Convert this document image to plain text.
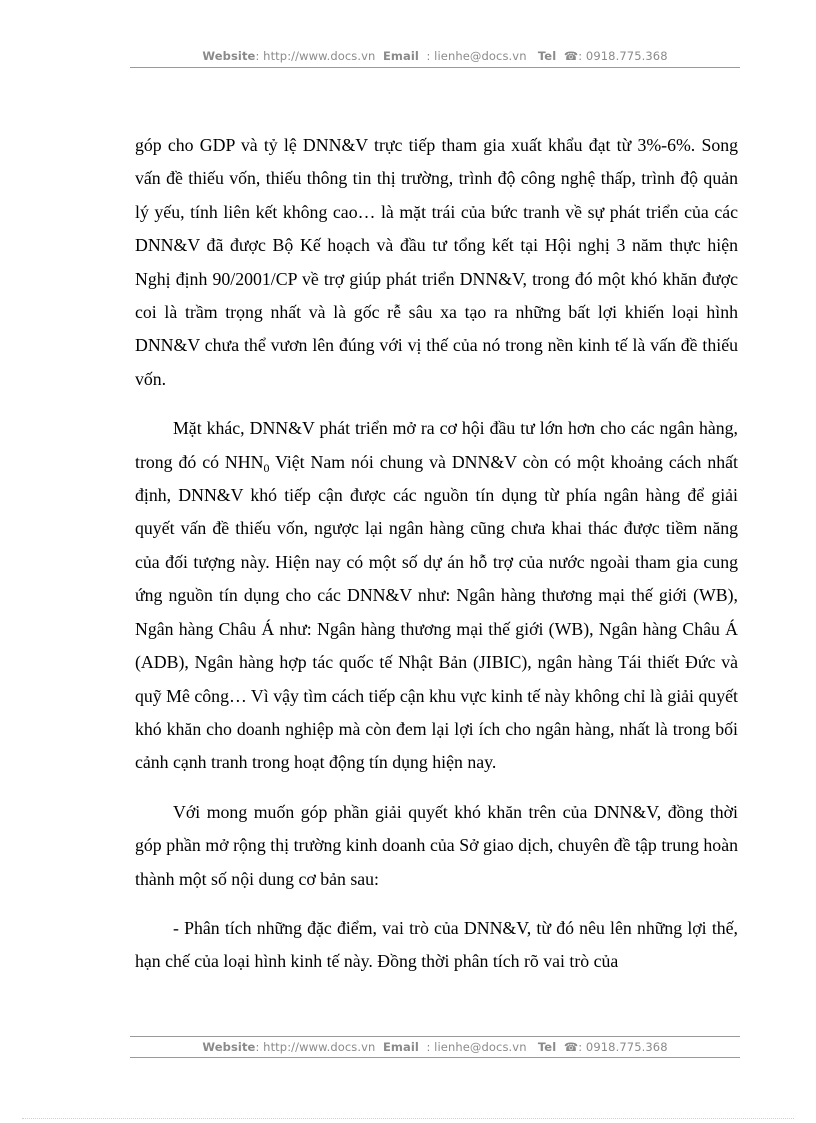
Website: http://www.docs.vn Email : lienhe@docs.vn Tel ☎: 0918.775.368

góp cho GDP và tỷ lệ DNN&V trực tiếp tham gia xuất khẩu đạt từ 3%-6%. Song vấn đề thiếu vốn, thiếu thông tin thị trường, trình độ công nghệ thấp, trình độ quản lý yếu, tính liên kết không cao… là mặt trái của bức tranh về sự phát triển của các DNN&V đã được Bộ Kế hoạch và đầu tư tổng kết tại Hội nghị 3 năm thực hiện Nghị định 90/2001/CP về trợ giúp phát triển DNN&V, trong đó một khó khăn được coi là trầm trọng nhất và là gốc rễ sâu xa tạo ra những bất lợi khiến loại hình DNN&V chưa thể vươn lên đúng với vị thế của nó trong nền kinh tế là vấn đề thiếu vốn.

Mặt khác, DNN&V phát triển mở ra cơ hội đầu tư lớn hơn cho các ngân hàng, trong đó có $NHN_0$ Việt Nam nói chung và DNN&V còn có một khoảng cách nhất định, DNN&V khó tiếp cận được các nguồn tín dụng từ phía ngân hàng để giải quyết vấn đề thiếu vốn, ngược lại ngân hàng cũng chưa khai thác được tiềm năng của đối tượng này. Hiện nay có một số dự án hỗ trợ của nước ngoài tham gia cung ứng nguồn tín dụng cho các DNN&V như: Ngân hàng thương mại thế giới (WB), Ngân hàng Châu Á như: Ngân hàng thương mại thế giới (WB), Ngân hàng Châu Á (ADB), Ngân hàng hợp tác quốc tế Nhật Bản (JIBIC), ngân hàng Tái thiết Đức và quỹ Mê công… Vì vậy tìm cách tiếp cận khu vực kinh tế này không chỉ là giải quyết khó khăn cho doanh nghiệp mà còn đem lại lợi ích cho ngân hàng, nhất là trong bối cảnh cạnh tranh trong hoạt động tín dụng hiện nay.

Với mong muốn góp phần giải quyết khó khăn trên của DNN&V, đồng thời góp phần mở rộng thị trường kinh doanh của Sở giao dịch, chuyên đề tập trung hoàn thành một số nội dung cơ bản sau:

- Phân tích những đặc điểm, vai trò của DNN&V, từ đó nêu lên những lợi thế, hạn chế của loại hình kinh tế này. Đồng thời phân tích rõ vai trò của

Website: http://www.docs.vn Email : lienhe@docs.vn Tel ☎: 0918.775.368
